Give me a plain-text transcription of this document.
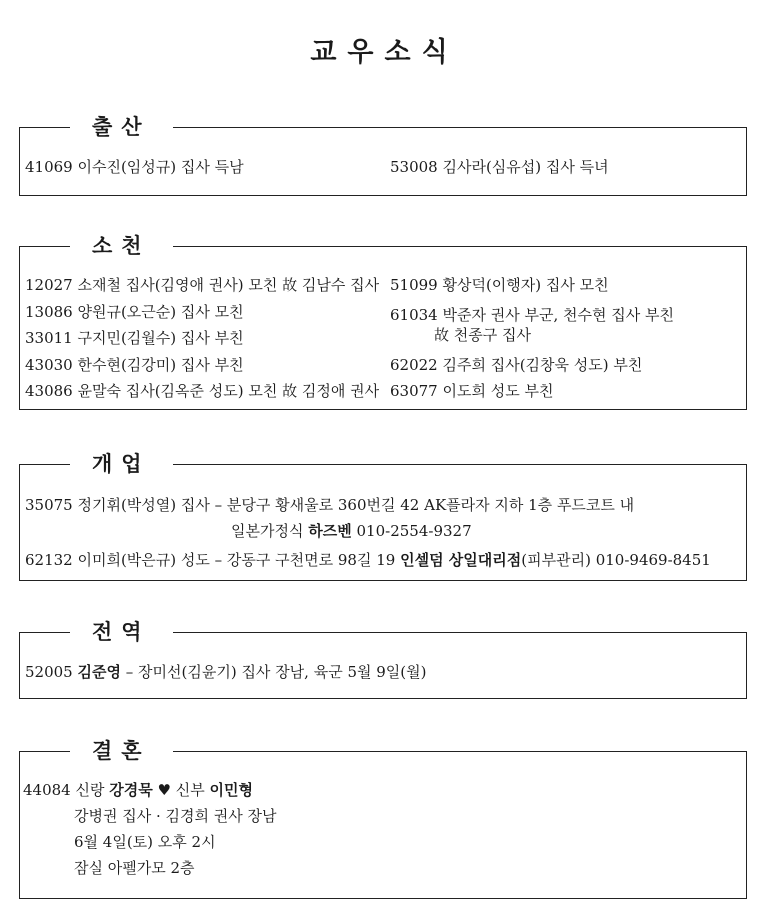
교우소식
출산
41069 이수진(임성규) 집사 득남	53008 김사라(심유섭) 집사 득녀
소천
12027 소재철 집사(김영애 권사) 모친 故 김남수 집사
13086 양원규(오근순) 집사 모친
33011 구지민(김월수) 집사 부친
43030 한수현(김강미) 집사 부친
43086 윤말숙 집사(김옥준 성도) 모친 故 김정애 권사
51099 황상덕(이행자) 집사 모친
61034 박준자 권사 부군, 천수현 집사 부친
故 천종구 집사
62022 김주희 집사(김창욱 성도) 부친
63077 이도희 성도 부친
개업
35075 정기휘(박성열) 집사 – 분당구 황새울로 360번길 42 AK플라자 지하 1층 푸드코트 내
일본가정식 하즈벤 010-2554-9327
62132 이미희(박은규) 성도 – 강동구 구천면로 98길 19 인셀덤 상일대리점(피부관리) 010-9469-8451
전역
52005 김준영 – 장미선(김윤기) 집사 장남, 육군 5월 9일(월)
결혼
44084 신랑 강경묵 ♥ 신부 이민형
강병권 집사 · 김경희 권사 장남
6월 4일(토) 오후 2시
잠실 아펠가모 2층
